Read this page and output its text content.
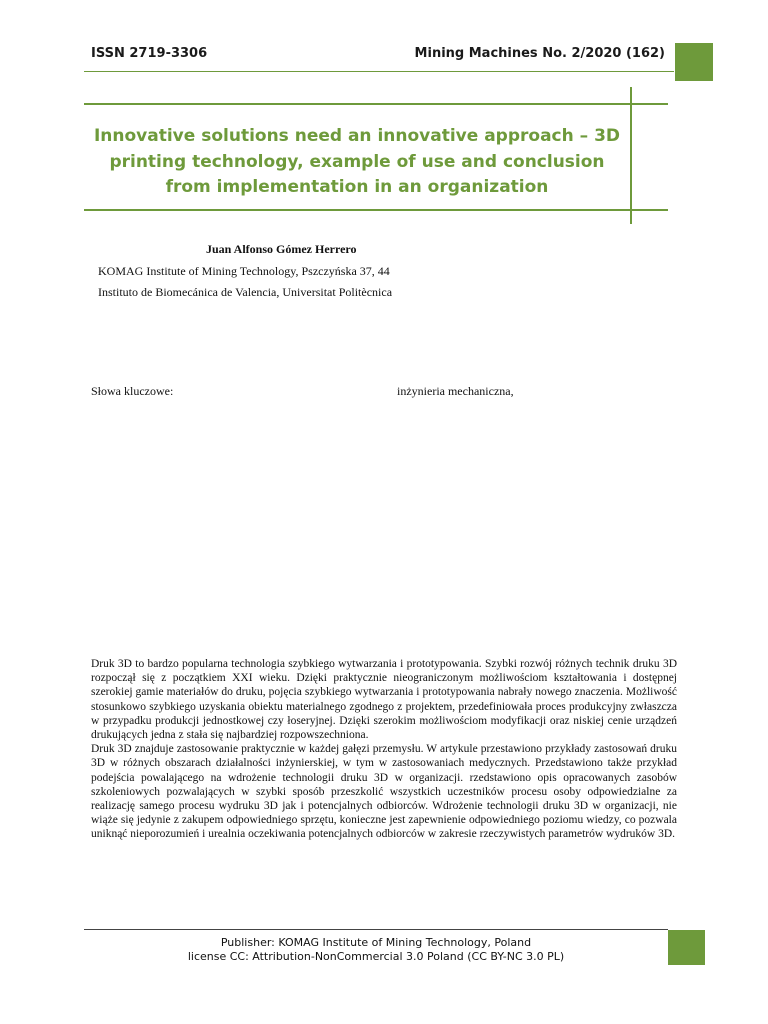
ISSN 2719-3306	Mining Machines No. 2/2020 (162)
Innovative solutions need an innovative approach – 3D printing technology, example of use and conclusion from implementation in an organization
Juan Alfonso Gómez Herrero
KOMAG Institute of Mining Technology, Pszczyńska 37, 44
Instituto de Biomecánica de Valencia, Universitat Politècnica
Słowa kluczowe:	inżynieria mechaniczna,

Druk 3D to bardzo popularna technologia szybkiego wytwarzania i prototypowania. Szybki rozwój różnych technik druku 3D rozpoczął się z początkiem XXI wieku. Dzięki praktycznie nieograniczonym możliwościom kształtowania i dostępnej szerokiej gamie materiałów do druku, pojęcia szybkiego wytwarzania i prototypowania nabrały nowego znaczenia. Możliwość stosunkowo szybkiego uzyskania obiektu materialnego zgodnego z projektem, przedefiniowała proces produkcyjny zwłaszcza w przypadku produkcji jednostkowej czy łoseryjnej. Dzięki szerokim możliwościom modyfikacji oraz niskiej cenie urządzeń drukujących jedna z stała się najbardziej rozpowszechniona.

Druk 3D znajduje zastosowanie praktycznie w każdej gałęzi przemysłu. W artykule przestawiono przykłady zastosowań druku 3D w różnych obszarach działalności inżynierskiej, w tym w zastosowaniach medycznych. Przedstawiono także przykład podejścia powalającego na wdrożenie technologii druku 3D w organizacji. rzedstawiono opis opracowanych zasobów szkoleniowych pozwalających w szybki sposób przeszkolić wszystkich uczestników procesu osoby odpowiedzialne za realizację samego procesu wydruku 3D jak i potencjalnych odbiorców. Wdrożenie technologii druku 3D w organizacji, nie wiąże się jedynie z zakupem odpowiedniego sprzętu, konieczne jest zapewnienie odpowiedniego poziomu wiedzy, co pozwala uniknąć nieporozumień i urealnia oczekiwania potencjalnych odbiorców w zakresie rzeczywistych parametrów wydruków 3D.

Publisher: KOMAG Institute of Mining Technology, Poland
license CC: Attribution-NonCommercial 3.0 Poland (CC BY-NC 3.0 PL)
